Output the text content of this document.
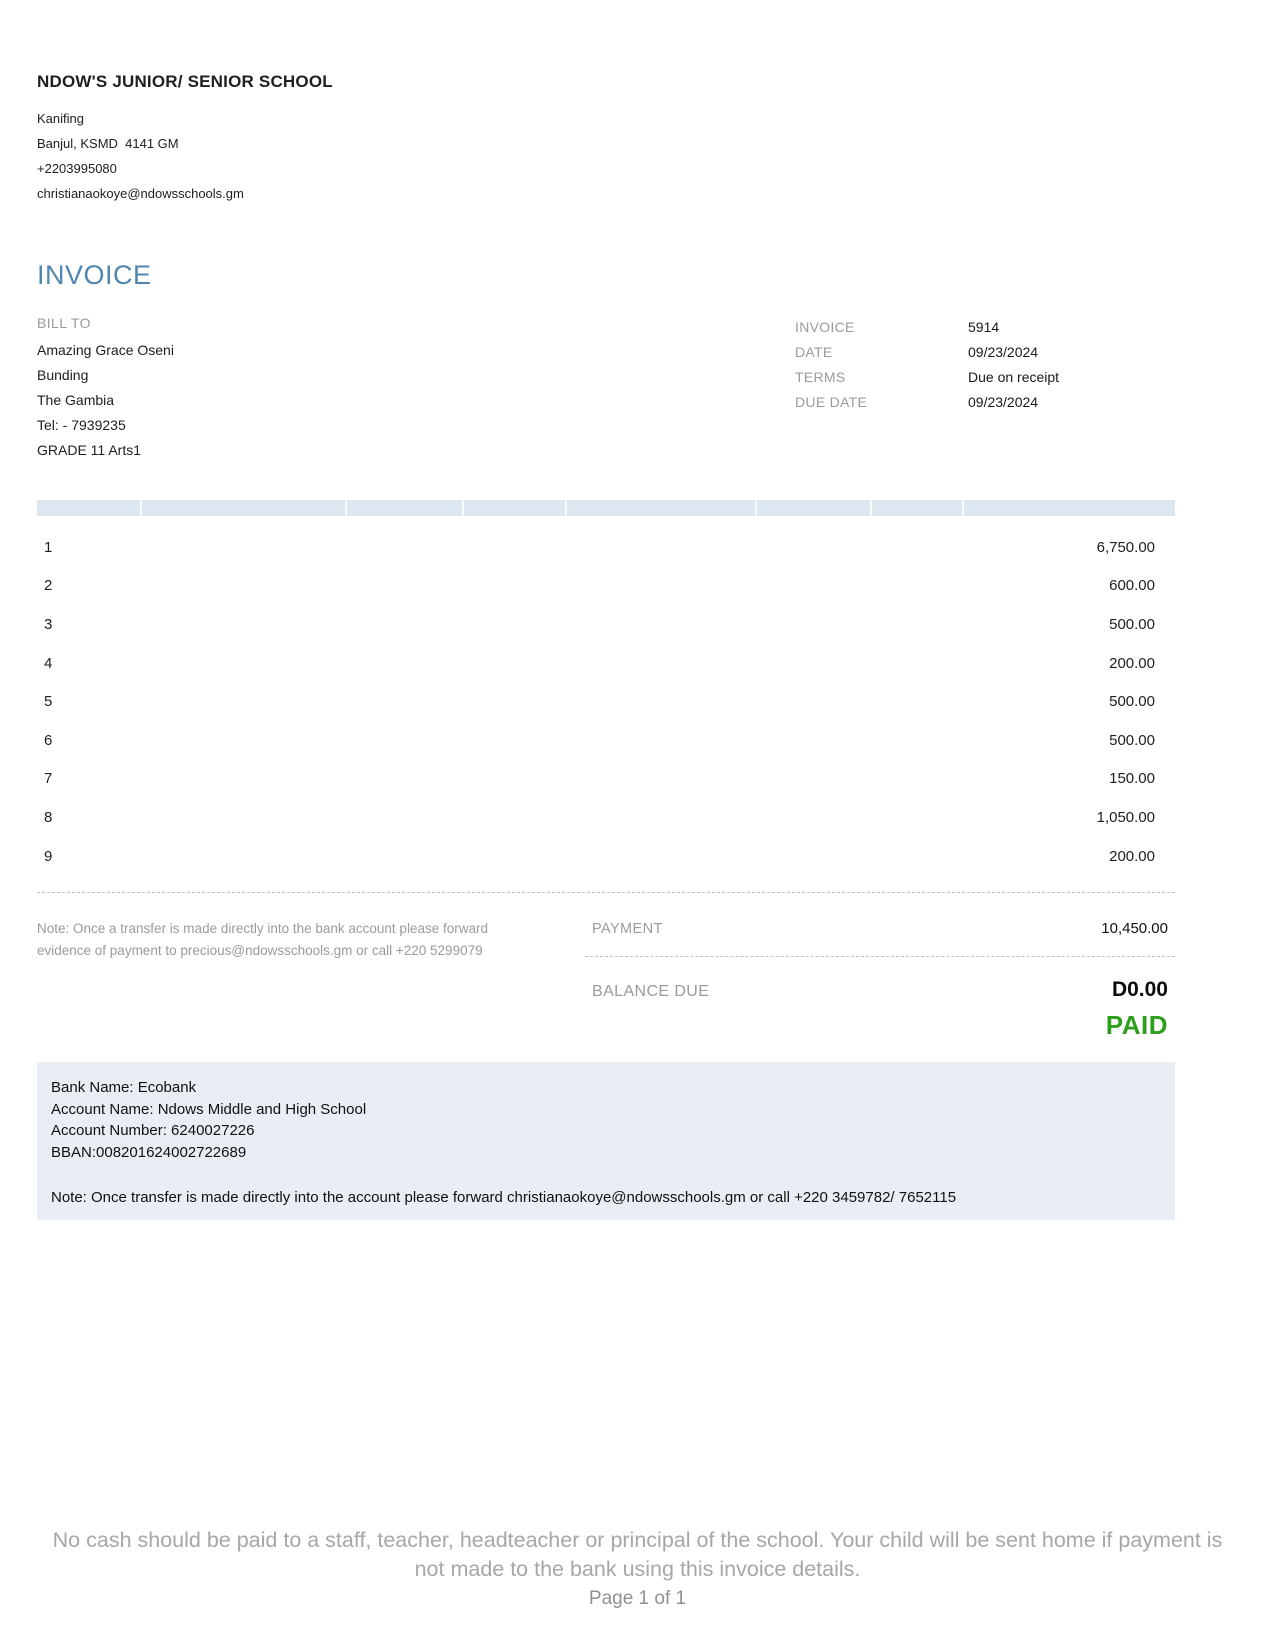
NDOW'S JUNIOR/ SENIOR SCHOOL
Kanifing
Banjul, KSMD  4141 GM
+2203995080
christianaokoye@ndowsschools.gm
INVOICE
BILL TO
Amazing Grace Oseni
Bunding
The Gambia
Tel: - 7939235
GRADE 11 Arts1
INVOICE	5914
DATE	09/23/2024
TERMS	Due on receipt
DUE DATE	09/23/2024
1	6,750.00
2	600.00
3	500.00
4	200.00
5	500.00
6	500.00
7	150.00
8	1,050.00
9	200.00
Note: Once a transfer is made directly into the bank account please forward evidence of payment to precious@ndowsschools.gm or call +220 5299079
PAYMENT	10,450.00
BALANCE DUE	D0.00
PAID
Bank Name: Ecobank
Account Name: Ndows Middle and High School
Account Number: 6240027226
BBAN:008201624002722689
Note: Once transfer is made directly into the account please forward christianaokoye@ndowsschools.gm or call +220 3459782/ 7652115
No cash should be paid to a staff, teacher, headteacher or principal of the school. Your child will be sent home if payment is not made to the bank using this invoice details.
Page 1 of 1
